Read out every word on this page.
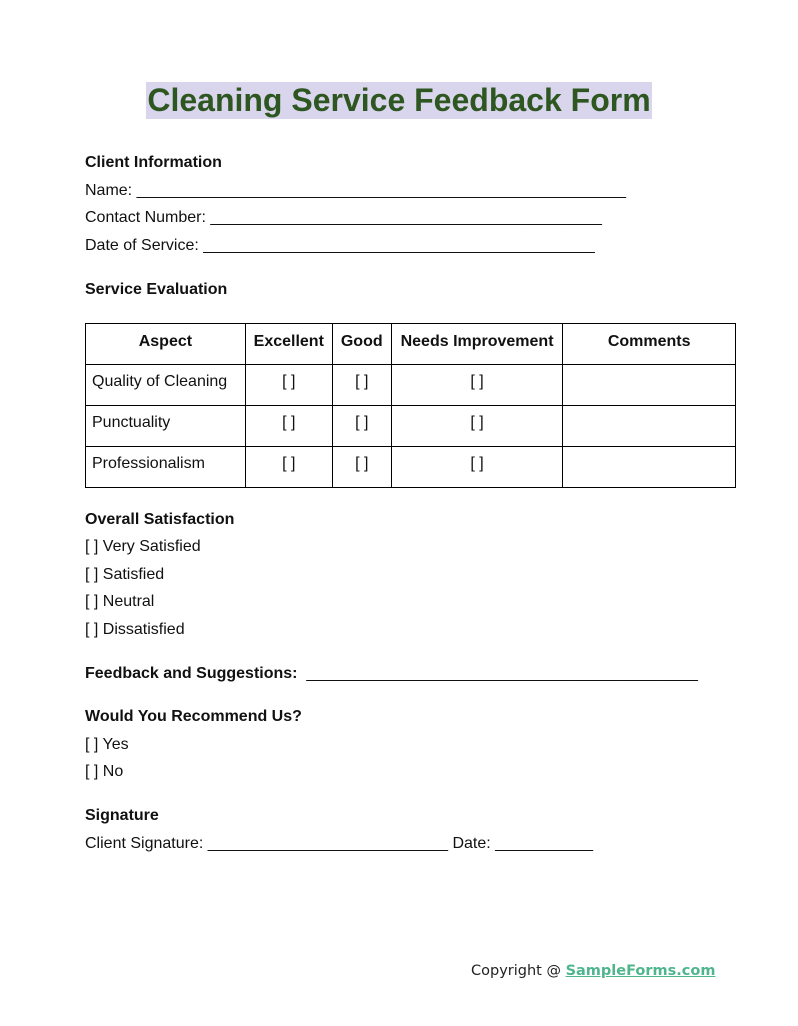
Cleaning Service Feedback Form
Client Information
Name: _______________________________________________________
Contact Number: ____________________________________________
Date of Service: ____________________________________________
Service Evaluation
Aspect	Excellent	Good	Needs Improvement	Comments
Quality of Cleaning	[ ]	[ ]	[ ]	
Punctuality	[ ]	[ ]	[ ]	
Professionalism	[ ]	[ ]	[ ]	
Overall Satisfaction
[ ] Very Satisfied
[ ] Satisfied
[ ] Neutral
[ ] Dissatisfied
Feedback and Suggestions:  ____________________________________________
Would You Recommend Us?
[ ] Yes
[ ] No
Signature
Client Signature: ___________________________ Date: ___________
Copyright @ SampleForms.com
